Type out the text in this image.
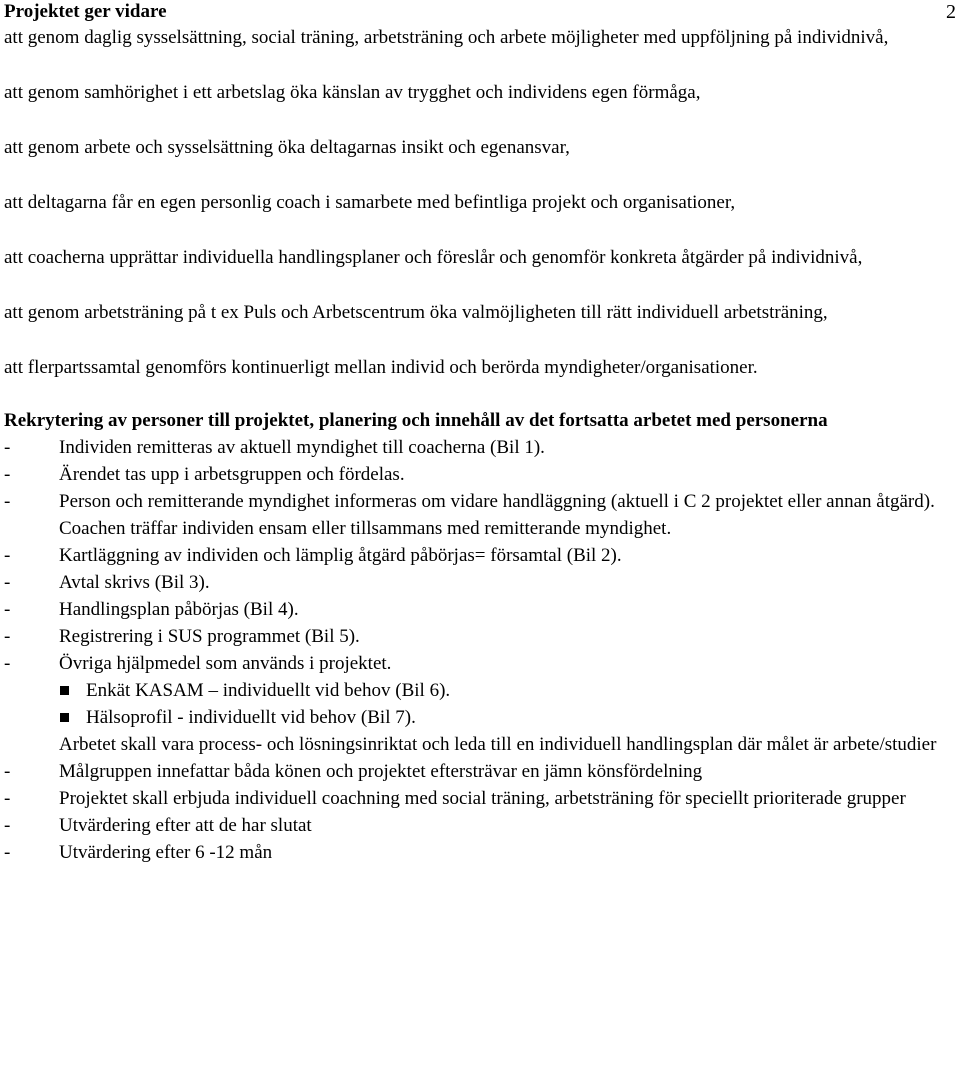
Projektet ger vidare	2
att genom daglig sysselsättning, social träning, arbetsträning och arbete möjligheter med uppföljning på individnivå,
att genom samhörighet i ett arbetslag öka känslan av trygghet och individens egen förmåga,
att genom arbete och sysselsättning öka deltagarnas insikt och egenansvar,
att deltagarna får en egen personlig coach i samarbete med befintliga projekt och organisationer,
att coacherna upprättar individuella handlingsplaner och föreslår och genomför konkreta åtgärder på individnivå,
att genom arbetsträning på t ex Puls och Arbetscentrum öka valmöjligheten till rätt individuell arbetsträning,
att flerpartssamtal genomförs kontinuerligt mellan individ och berörda myndigheter/organisationer.
Rekrytering av personer till projektet, planering och innehåll av det fortsatta arbetet med personerna
-	Individen remitteras av aktuell myndighet till coacherna (Bil 1).
-	Ärendet tas upp i arbetsgruppen och fördelas.
-	Person och remitterande myndighet informeras om vidare handläggning (aktuell i C 2 projektet eller annan åtgärd). Coachen träffar individen ensam eller tillsammans med remitterande myndighet.
-	Kartläggning av individen och lämplig åtgärd påbörjas= församtal (Bil 2).
-	Avtal skrivs (Bil 3).
-	Handlingsplan påbörjas (Bil 4).
-	Registrering i SUS programmet (Bil 5).
-	Övriga hjälpmedel som används i projektet.
Enkät KASAM – individuellt vid behov (Bil 6).
Hälsoprofil - individuellt vid behov (Bil 7).
Arbetet skall vara process- och lösningsinriktat och leda till en individuell handlingsplan där målet är arbete/studier
-	Målgruppen innefattar båda könen och projektet eftersträvar en jämn könsfördelning
-	Projektet skall erbjuda individuell coachning med social träning, arbetsträning för speciellt prioriterade grupper
-	Utvärdering efter att de har slutat
-	Utvärdering efter 6 -12 mån
